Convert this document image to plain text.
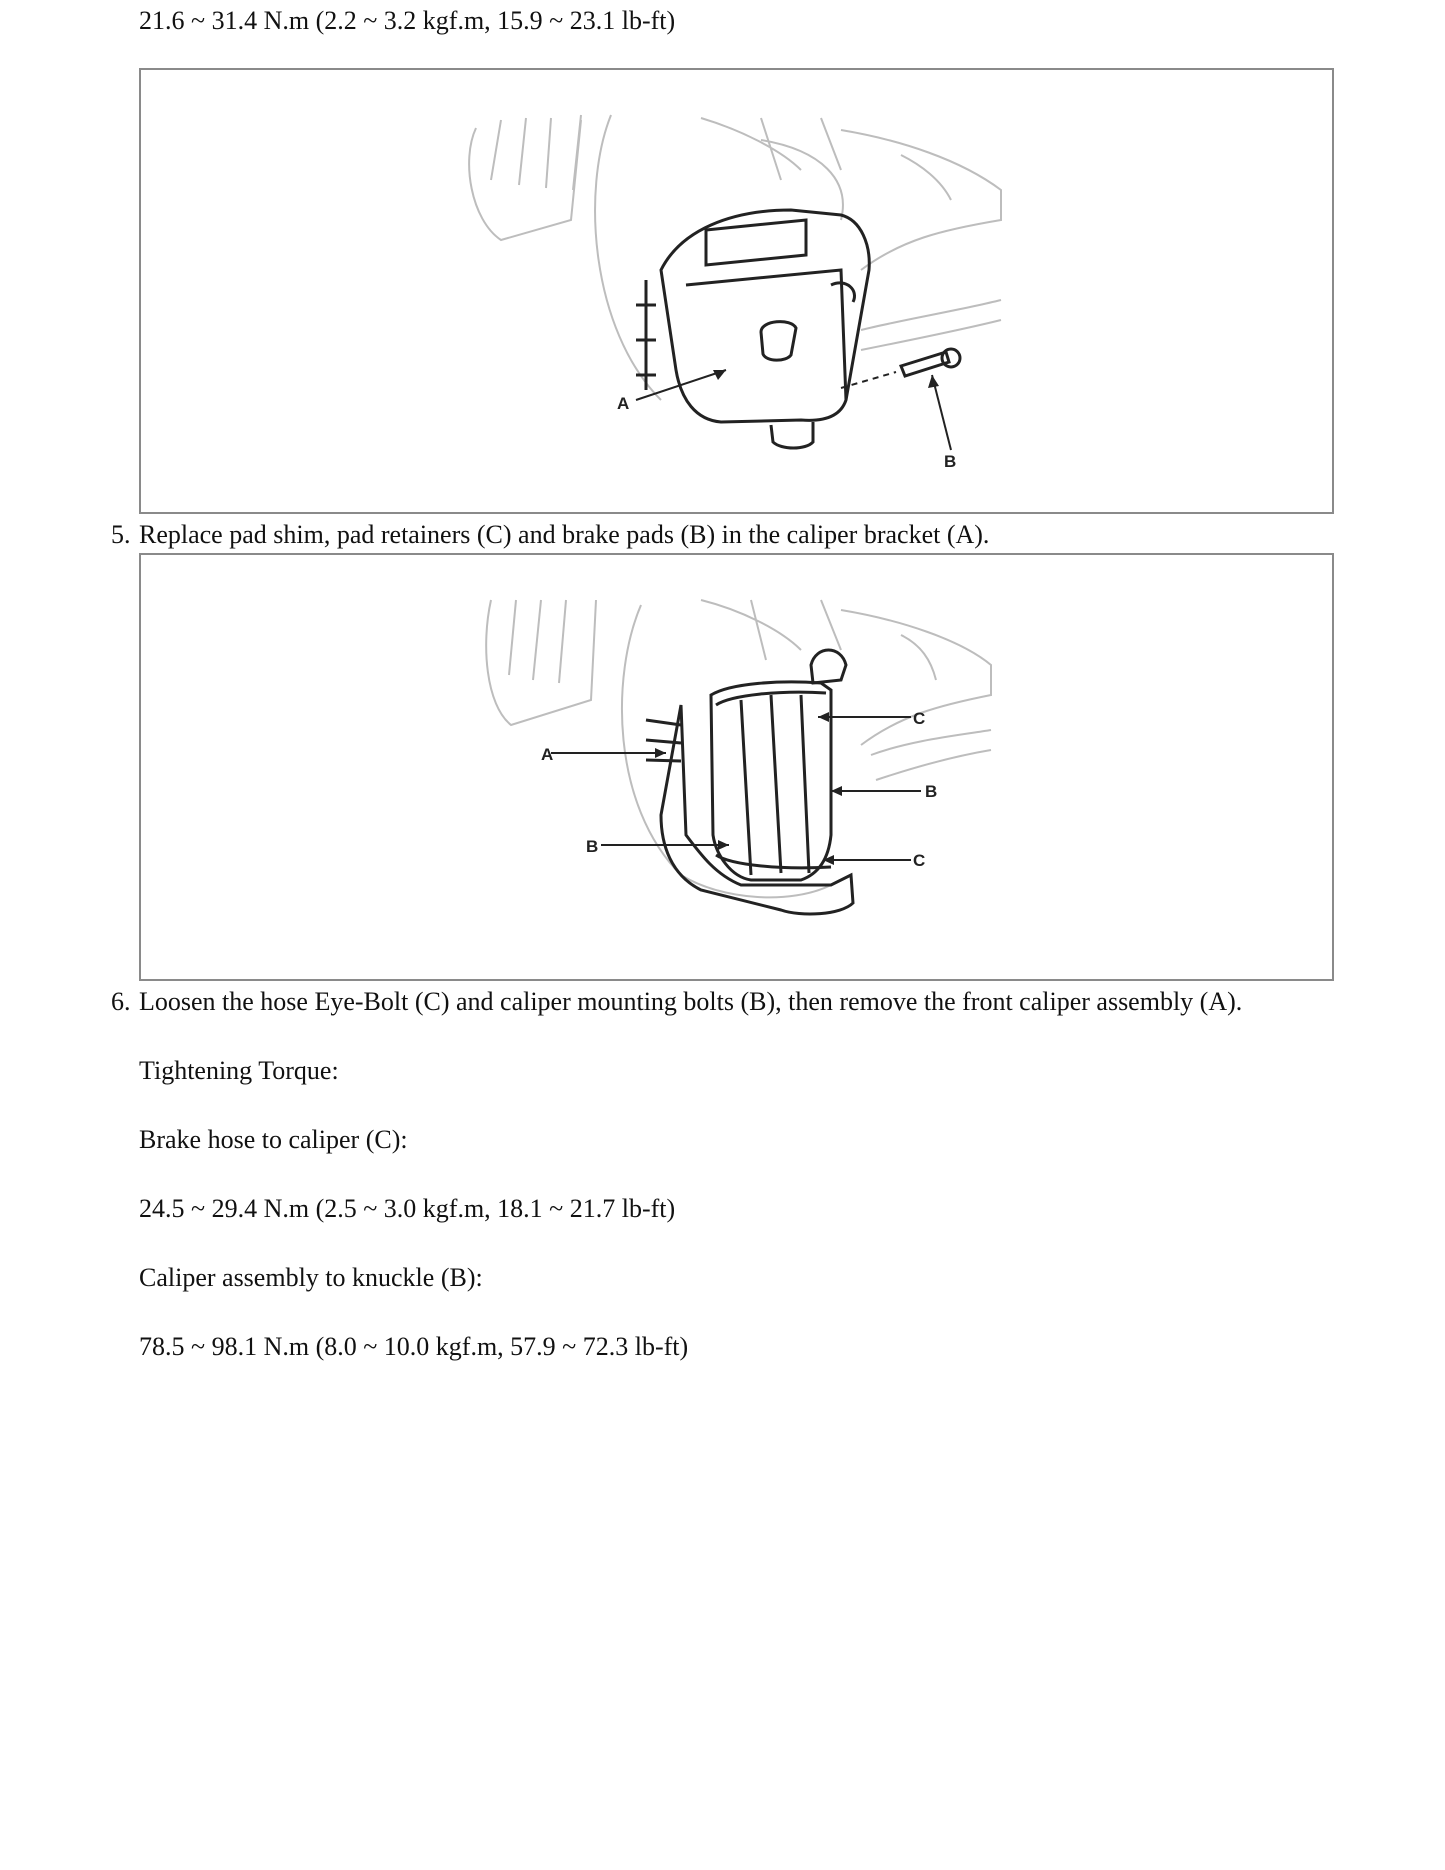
21.6 ~ 31.4 N.m (2.2 ~ 3.2 kgf.m, 15.9 ~ 23.1 lb-ft)
A
B
5. Replace pad shim, pad retainers (C) and brake pads (B) in the caliper bracket (A).
A
B
B
C
C
6. Loosen the hose Eye-Bolt (C) and caliper mounting bolts (B), then remove the front caliper assembly (A).
Tightening Torque:
Brake hose to caliper (C):
24.5 ~ 29.4 N.m (2.5 ~ 3.0 kgf.m, 18.1 ~ 21.7 lb-ft)
Caliper assembly to knuckle (B):
78.5 ~ 98.1 N.m (8.0 ~ 10.0 kgf.m, 57.9 ~ 72.3 lb-ft)
